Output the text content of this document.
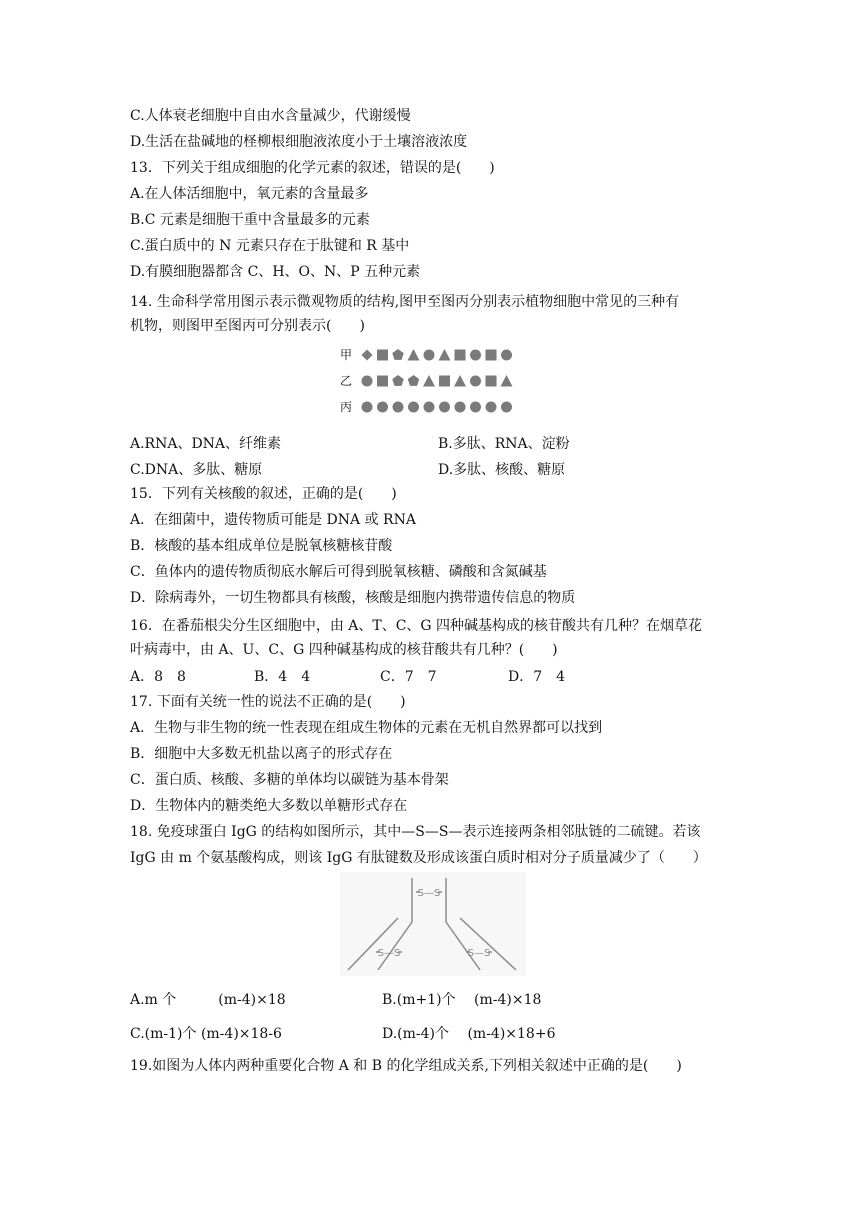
C.人体衰老细胞中自由水含量减少，代谢缓慢
D.生活在盐碱地的柽柳根细胞液浓度小于土壤溶液浓度
13．下列关于组成细胞的化学元素的叙述，错误的是(　　)
A.在人体活细胞中，氧元素的含量最多
B.C 元素是细胞干重中含量最多的元素
C.蛋白质中的 N 元素只存在于肽键和 R 基中
D.有膜细胞器都含 C、H、O、N、P 五种元素
14. 生命科学常用图示表示微观物质的结构,图甲至图丙分别表示植物细胞中常见的三种有
机物，则图甲至图丙可分别表示(　　)
甲
乙
丙
A.RNA、DNA、纤维素	B.多肽、RNA、淀粉
C.DNA、多肽、糖原	D.多肽、核酸、糖原
15．下列有关核酸的叙述，正确的是(　　)
A．在细菌中，遗传物质可能是 DNA 或 RNA
B．核酸的基本组成单位是脱氧核糖核苷酸
C．鱼体内的遗传物质彻底水解后可得到脱氧核糖、磷酸和含氮碱基
D．除病毒外，一切生物都具有核酸，核酸是细胞内携带遗传信息的物质
16．在番茄根尖分生区细胞中，由 A、T、C、G 四种碱基构成的核苷酸共有几种？在烟草花
叶病毒中，由 A、U、C、G 四种碱基构成的核苷酸共有几种？(　　)
A．8　8	B．4　4	C．7　7	D．7　4
17. 下面有关统一性的说法不正确的是(　　)
A．生物与非生物的统一性表现在组成生物体的元素在无机自然界都可以找到
B．细胞中大多数无机盐以离子的形式存在
C．蛋白质、核酸、多糖的单体均以碳链为基本骨架
D．生物体内的糖类绝大多数以单糖形式存在
18. 免疫球蛋白 IgG 的结构如图所示，其中—S—S—表示连接两条相邻肽链的二硫键。若该
IgG 由 m 个氨基酸构成，则该 IgG 有肽键数及形成该蛋白质时相对分子质量减少了（　　）
S—S
S—S	S—S
A.m 个　　　(m-4)×18	B.(m+1)个　 (m-4)×18
C.(m-1)个 (m-4)×18-6	D.(m-4)个　 (m-4)×18+6
19.如图为人体内两种重要化合物 A 和 B 的化学组成关系,下列相关叙述中正确的是(　　)
